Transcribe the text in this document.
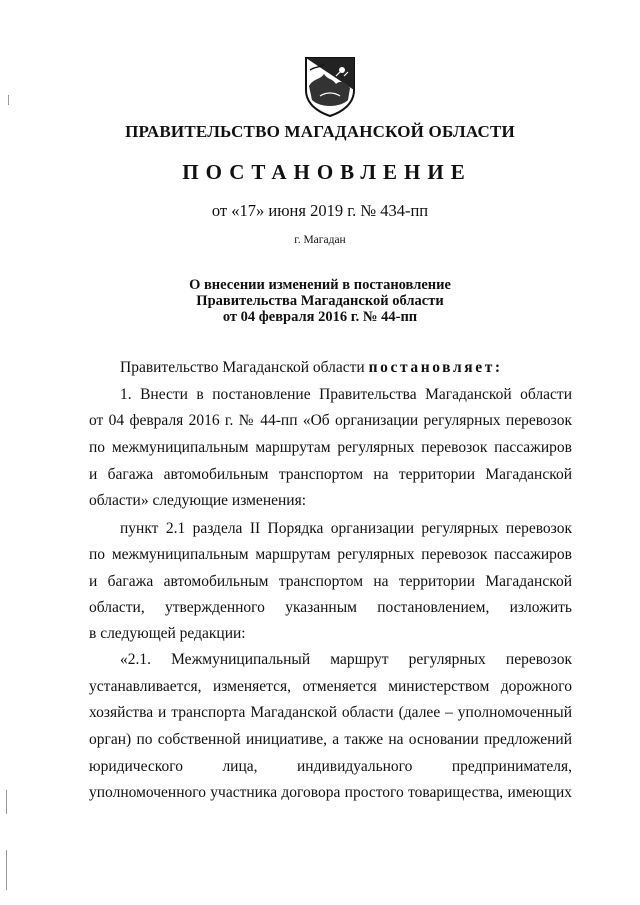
ПРАВИТЕЛЬСТВО МАГАДАНСКОЙ ОБЛАСТИ
ПОСТАНОВЛЕНИЕ
от «17» июня 2019 г. № 434-пп
г. Магадан
О внесении изменений в постановление
Правительства Магаданской области
от 04 февраля 2016 г. № 44-пп
Правительство Магаданской области постановляет:
1. Внести в постановление Правительства Магаданской области
от 04 февраля 2016 г. № 44-пп «Об организации регулярных перевозок
по межмуниципальным маршрутам регулярных перевозок пассажиров
и багажа автомобильным транспортом на территории Магаданской
области» следующие изменения:
пункт 2.1 раздела II Порядка организации регулярных перевозок
по межмуниципальным маршрутам регулярных перевозок пассажиров
и багажа автомобильным транспортом на территории Магаданской
области, утвержденного указанным постановлением, изложить
в следующей редакции:
«2.1. Межмуниципальный маршрут регулярных перевозок
устанавливается, изменяется, отменяется министерством дорожного
хозяйства и транспорта Магаданской области (далее – уполномоченный
орган) по собственной инициативе, а также на основании предложений
юридического лица, индивидуального предпринимателя,
уполномоченного участника договора простого товарищества, имеющих
